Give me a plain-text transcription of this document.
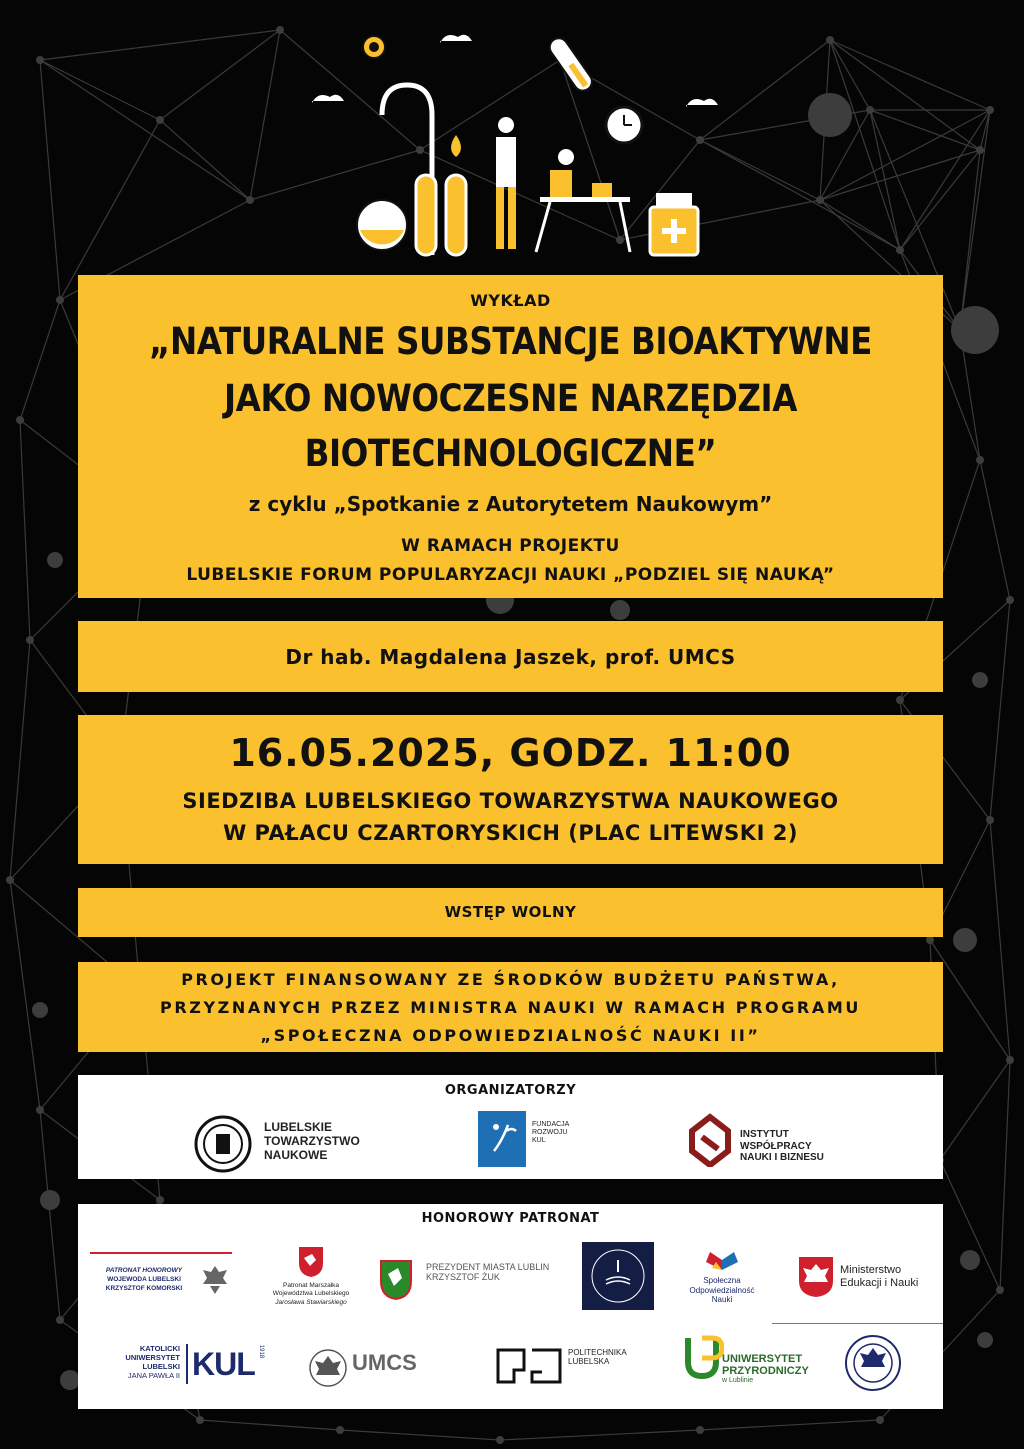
WYKŁAD
„NATURALNE SUBSTANCJE BIOAKTYWNE
JAKO NOWOCZESNE NARZĘDZIA
BIOTECHNOLOGICZNE”
z cyklu „Spotkanie z Autorytetem Naukowym”
W RAMACH PROJEKTU
LUBELSKIE FORUM POPULARYZACJI NAUKI „PODZIEL SIĘ NAUKĄ”
Dr hab. Magdalena Jaszek, prof. UMCS
16.05.2025, GODZ. 11:00
SIEDZIBA LUBELSKIEGO TOWARZYSTWA NAUKOWEGO
W PAŁACU CZARTORYSKICH (PLAC LITEWSKI 2)
WSTĘP WOLNY
PROJEKT FINANSOWANY ZE ŚRODKÓW BUDŻETU PAŃSTWA,
PRZYZNANYCH PRZEZ MINISTRA NAUKI W RAMACH PROGRAMU
„SPOŁECZNA ODPOWIEDZIALNOŚĆ NAUKI II”
ORGANIZATORZY
LUBELSKIE
TOWARZYSTWO
NAUKOWE
FUNDACJA
ROZWOJU
KUL
INSTYTUT
WSPÓŁPRACY
NAUKI I BIZNESU
HONOROWY PATRONAT
PATRONAT HONOROWY
WOJEWODA LUBELSKI
KRZYSZTOF KOMORSKI	Patronat Marszałka
Województwa Lubelskiego
Jarosława Stawiarskiego
PREZYDENT MIASTA LUBLIN
KRZYSZTOF ŻUK	Społeczna
Odpowiedzialność
Nauki
Ministerstwo
Edukacji i Nauki
KATOLICKI
UNIWERSYTET
LUBELSKI
JANA PAWŁA II KUL 1918	UMCS	POLITECHNIKA
LUBELSKA	UNIWERSYTET
PRZYRODNICZY
w Lublinie
